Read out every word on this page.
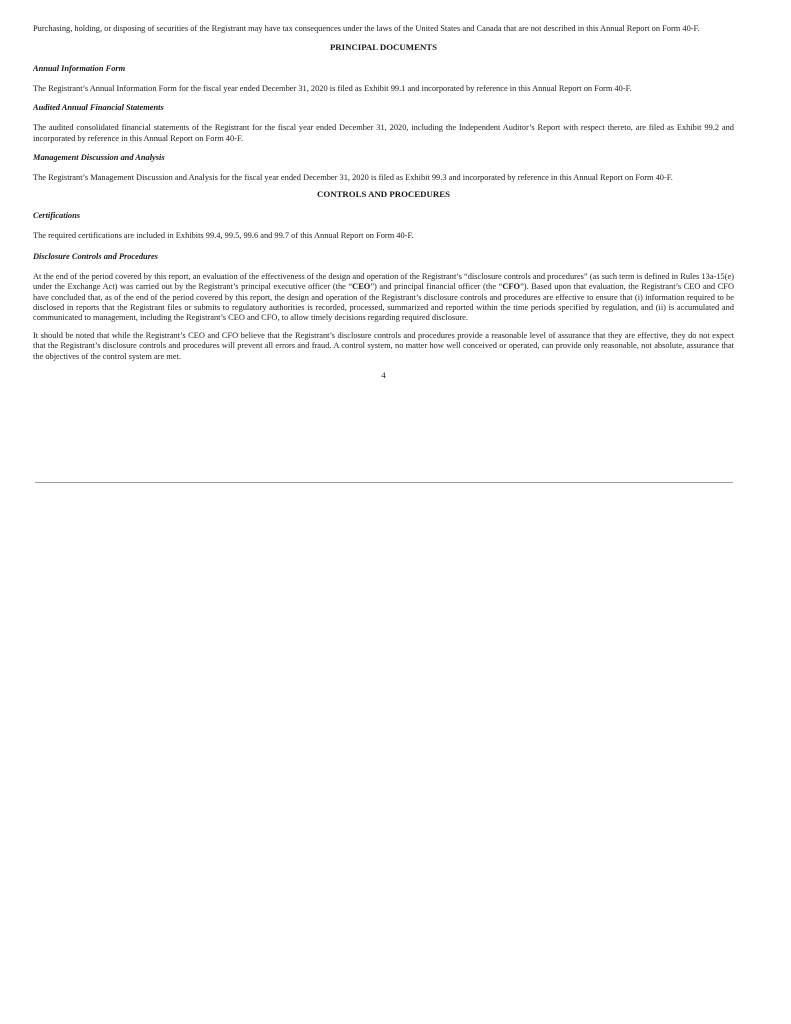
Purchasing, holding, or disposing of securities of the Registrant may have tax consequences under the laws of the United States and Canada that are not described in this Annual Report on Form 40-F.

PRINCIPAL DOCUMENTS
Annual Information Form

The Registrant’s Annual Information Form for the fiscal year ended December 31, 2020 is filed as Exhibit 99.1 and incorporated by reference in this Annual Report on Form 40-F.

Audited Annual Financial Statements

The audited consolidated financial statements of the Registrant for the fiscal year ended December 31, 2020, including the Independent Auditor’s Report with respect thereto, are filed as Exhibit 99.2 and incorporated by reference in this Annual Report on Form 40-F.

Management Discussion and Analysis

The Registrant’s Management Discussion and Analysis for the fiscal year ended December 31, 2020 is filed as Exhibit 99.3 and incorporated by reference in this Annual Report on Form 40-F.

CONTROLS AND PROCEDURES
Certifications

The required certifications are included in Exhibits 99.4, 99.5, 99.6 and 99.7 of this Annual Report on Form 40-F.

Disclosure Controls and Procedures

At the end of the period covered by this report, an evaluation of the effectiveness of the design and operation of the Registrant’s “disclosure controls and procedures” (as such term is defined in Rules 13a-15(e) under the Exchange Act) was carried out by the Registrant’s principal executive officer (the “CEO”) and principal financial officer (the “CFO”). Based upon that evaluation, the Registrant’s CEO and CFO have concluded that, as of the end of the period covered by this report, the design and operation of the Registrant’s disclosure controls and procedures are effective to ensure that (i) information required to be disclosed in reports that the Registrant files or submits to regulatory authorities is recorded, processed, summarized and reported within the time periods specified by regulation, and (ii) is accumulated and communicated to management, including the Registrant’s CEO and CFO, to allow timely decisions regarding required disclosure.

It should be noted that while the Registrant’s CEO and CFO believe that the Registrant’s disclosure controls and procedures provide a reasonable level of assurance that they are effective, they do not expect that the Registrant’s disclosure controls and procedures will prevent all errors and fraud. A control system, no matter how well conceived or operated, can provide only reasonable, not absolute, assurance that the objectives of the control system are met.

4
